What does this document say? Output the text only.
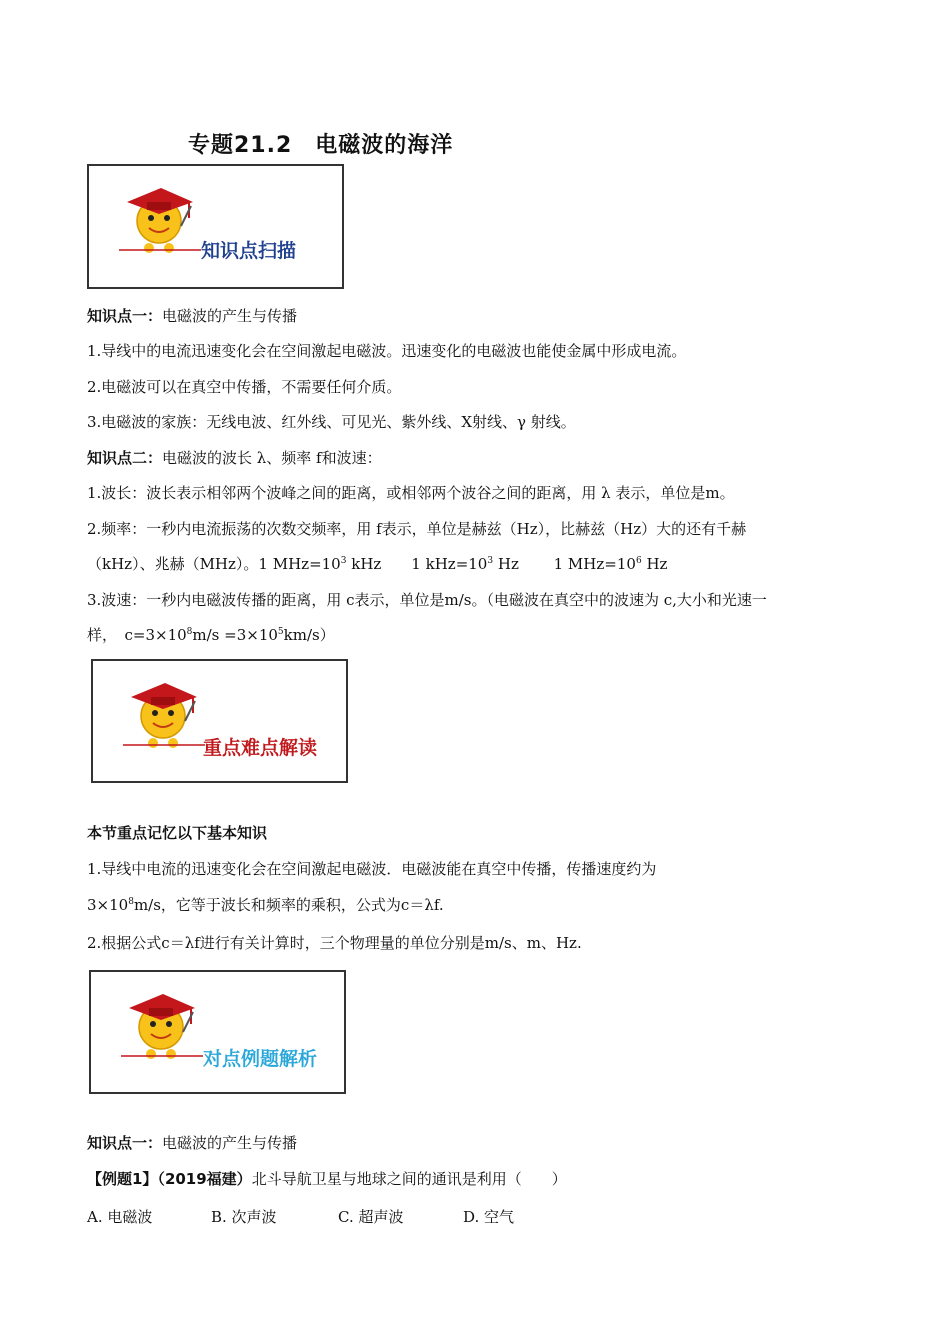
专题21.2　电磁波的海洋
知识点扫描
知识点一：电磁波的产生与传播
1.导线中的电流迅速变化会在空间激起电磁波。迅速变化的电磁波也能使金属中形成电流。
2.电磁波可以在真空中传播，不需要任何介质。
3.电磁波的家族：无线电波、红外线、可见光、紫外线、X射线、γ 射线。
知识点二：电磁波的波长 λ、频率 f和波速：
1.波长：波长表示相邻两个波峰之间的距离，或相邻两个波谷之间的距离，用 λ 表示，单位是m。
2.频率：一秒内电流振荡的次数交频率，用 f表示，单位是赫兹（Hz），比赫兹（Hz）大的还有千赫
（kHz）、兆赫（MHz）。1 $MHz=10^3$ kHz　　1 $kHz=10^3$ Hz　　 1 $MHz=10^6$ Hz
3.波速：一秒内电磁波传播的距离，用 c表示，单位是m/s。（电磁波在真空中的波速为 c,大小和光速一
样，　$c=3\times 10^8m/s =3\times 10^5km/s$）
重点难点解读
本节重点记忆以下基本知识
1.导线中电流的迅速变化会在空间激起电磁波．电磁波能在真空中传播，传播速度约为
$3\times 10^8m/s$，它等于波长和频率的乘积，公式为c＝λf.
2.根据公式c＝λf进行有关计算时，三个物理量的单位分别是m/s、m、Hz.
对点例题解析
知识点一：电磁波的产生与传播
【例题1】（2019福建）北斗导航卫星与地球之间的通讯是利用（　　）
A. 电磁波	B. 次声波	C. 超声波	D. 空气
